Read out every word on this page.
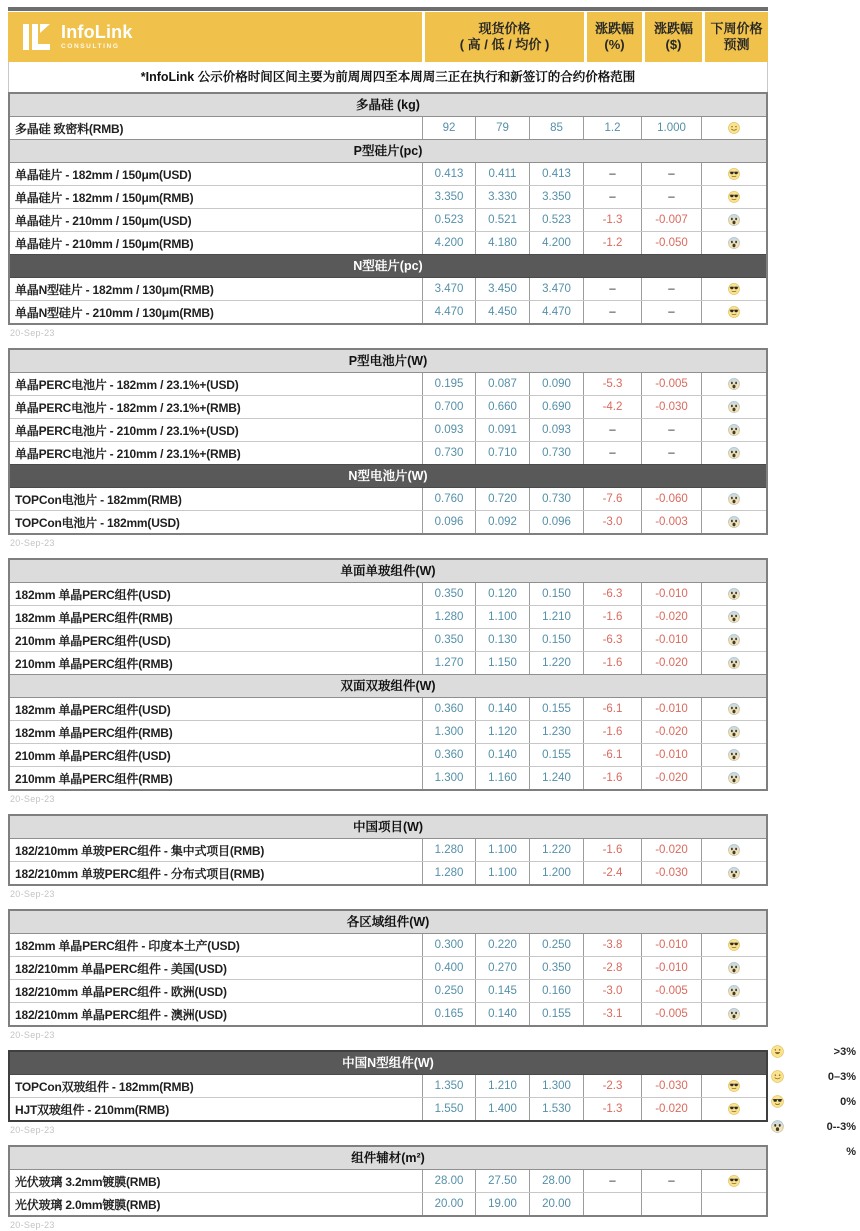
InfoLink
CONSULTING
现货价格
( 高 / 低 / 均价 )
涨跌幅
(%)
涨跌幅
($)
下周价格
预测
*InfoLink 公示价格时间区间主要为前周周四至本周周三正在执行和新签订的合约价格范围
多晶硅 (kg)
多晶硅 致密料(RMB)	92	79	85	1.2	1.000
P型硅片(pc)
单晶硅片 - 182mm / 150μm(USD)	0.413	0.411	0.413	–	–
单晶硅片 - 182mm / 150μm(RMB)	3.350	3.330	3.350	–	–
单晶硅片 - 210mm / 150μm(USD)	0.523	0.521	0.523	-1.3	-0.007
单晶硅片 - 210mm / 150μm(RMB)	4.200	4.180	4.200	-1.2	-0.050
N型硅片(pc)
单晶N型硅片 - 182mm / 130μm(RMB)	3.470	3.450	3.470	–	–
单晶N型硅片 - 210mm / 130μm(RMB)	4.470	4.450	4.470	–	–
20-Sep-23
P型电池片(W)
单晶PERC电池片 - 182mm / 23.1%+(USD)	0.195	0.087	0.090	-5.3	-0.005
单晶PERC电池片 - 182mm / 23.1%+(RMB)	0.700	0.660	0.690	-4.2	-0.030
单晶PERC电池片 - 210mm / 23.1%+(USD)	0.093	0.091	0.093	–	–
单晶PERC电池片 - 210mm / 23.1%+(RMB)	0.730	0.710	0.730	–	–
N型电池片(W)
TOPCon电池片 - 182mm(RMB)	0.760	0.720	0.730	-7.6	-0.060
TOPCon电池片 - 182mm(USD)	0.096	0.092	0.096	-3.0	-0.003
20-Sep-23
单面单玻组件(W)
182mm 单晶PERC组件(USD)	0.350	0.120	0.150	-6.3	-0.010
182mm 单晶PERC组件(RMB)	1.280	1.100	1.210	-1.6	-0.020
210mm 单晶PERC组件(USD)	0.350	0.130	0.150	-6.3	-0.010
210mm 单晶PERC组件(RMB)	1.270	1.150	1.220	-1.6	-0.020
双面双玻组件(W)
182mm 单晶PERC组件(USD)	0.360	0.140	0.155	-6.1	-0.010
182mm 单晶PERC组件(RMB)	1.300	1.120	1.230	-1.6	-0.020
210mm 单晶PERC组件(USD)	0.360	0.140	0.155	-6.1	-0.010
210mm 单晶PERC组件(RMB)	1.300	1.160	1.240	-1.6	-0.020
20-Sep-23
中国项目(W)
182/210mm 单玻PERC组件 - 集中式项目(RMB)	1.280	1.100	1.220	-1.6	-0.020
182/210mm 单玻PERC组件 - 分布式项目(RMB)	1.280	1.100	1.200	-2.4	-0.030
20-Sep-23
各区域组件(W)
182mm 单晶PERC组件 - 印度本土产(USD)	0.300	0.220	0.250	-3.8	-0.010
182/210mm 单晶PERC组件 - 美国(USD)	0.400	0.270	0.350	-2.8	-0.010
182/210mm 单晶PERC组件 - 欧洲(USD)	0.250	0.145	0.160	-3.0	-0.005
182/210mm 单晶PERC组件 - 澳洲(USD)	0.165	0.140	0.155	-3.1	-0.005
20-Sep-23
中国N型组件(W)
TOPCon双玻组件 - 182mm(RMB)	1.350	1.210	1.300	-2.3	-0.030
HJT双玻组件 - 210mm(RMB)	1.550	1.400	1.530	-1.3	-0.020
20-Sep-23
组件辅材(m²)
光伏玻璃 3.2mm镀膜(RMB)	28.00	27.50	28.00	–	–
光伏玻璃 2.0mm镀膜(RMB)	20.00	19.00	20.00
20-Sep-23
>3%
0–3%
0%
0--3%
%
